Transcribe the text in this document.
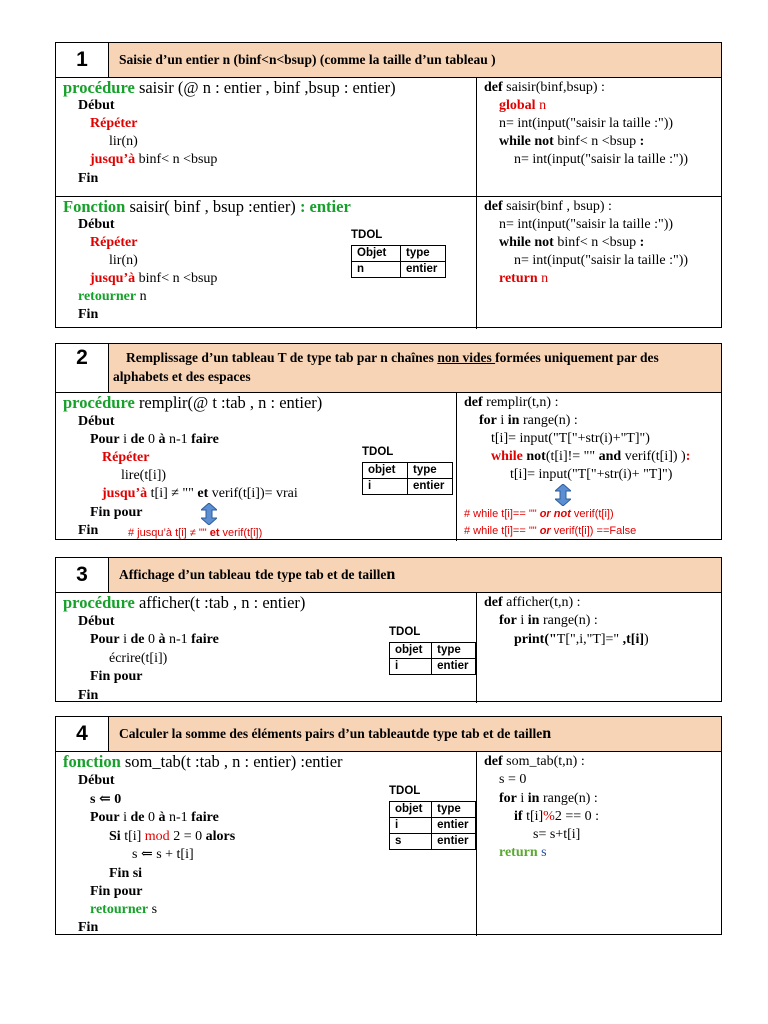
1	Saisie d’un entier n (binf<n<bsup) (comme la taille d’un tableau )
procédure saisir (@ n : entier , binf ,bsup : entier)
Début
Répéter
lir(n)
jusqu’à binf< n <bsup
Fin
def saisir(binf,bsup) :
global n
n= int(input("saisir la taille :"))
while not binf< n <bsup :
n= int(input("saisir la taille :"))
Fonction saisir( binf , bsup :entier) : entier
Début
Répéter
lir(n)
jusqu’à binf< n <bsup
retourner n
Fin
TDOL
Objet	type
n	entier
def saisir(binf , bsup) :
n= int(input("saisir la taille :"))
while not binf< n <bsup :
n= int(input("saisir la taille :"))
return n
2	Remplissage d’un tableau T de type tab par n chaînes non vides formées uniquement par des alphabets et des espaces
procédure remplir(@ t :tab , n : entier)
Début
Pour i de 0 à n-1 faire
Répéter
lire(t[i])
jusqu’à t[i] ≠ "" et verif(t[i])= vrai
Fin pour
Fin	# jusqu’à t[i] ≠ "" et verif(t[i])
TDOL
objet	type
i	entier
def remplir(t,n) :
for i in range(n) :
t[i]= input("T["+str(i)+"T]")
while not(t[i]!= "" and verif(t[i]) ):
t[i]= input("T["+str(i)+ "T]")
# while t[i]== "" or not verif(t[i])
# while t[i]== "" or verif(t[i]) ==False
3	Affichage d’un tableau
t de type tab et de taille n
procédure afficher(t :tab , n : entier)
Début
Pour i de 0 à n-1 faire
écrire(t[i])
Fin pour
Fin
TDOL
objet	type
i	entier
def afficher(t,n) :
for i in range(n) :
print("T[",i,"T]=" ,t[i])
4	Calculer la somme des éléments pairs d’un tableau t de type tab et de taille n
fonction som_tab(t :tab , n : entier) :entier
Début
s ⇐ 0
Pour i de 0 à n-1 faire
Si t[i] mod 2 = 0 alors
s ⇐ s + t[i]
Fin si
Fin pour
retourner s
Fin
TDOL
objet	type
i	entier
s	entier
def som_tab(t,n) :
s = 0
for i in range(n) :
if t[i]%2 == 0 :
s= s+t[i]
return s
